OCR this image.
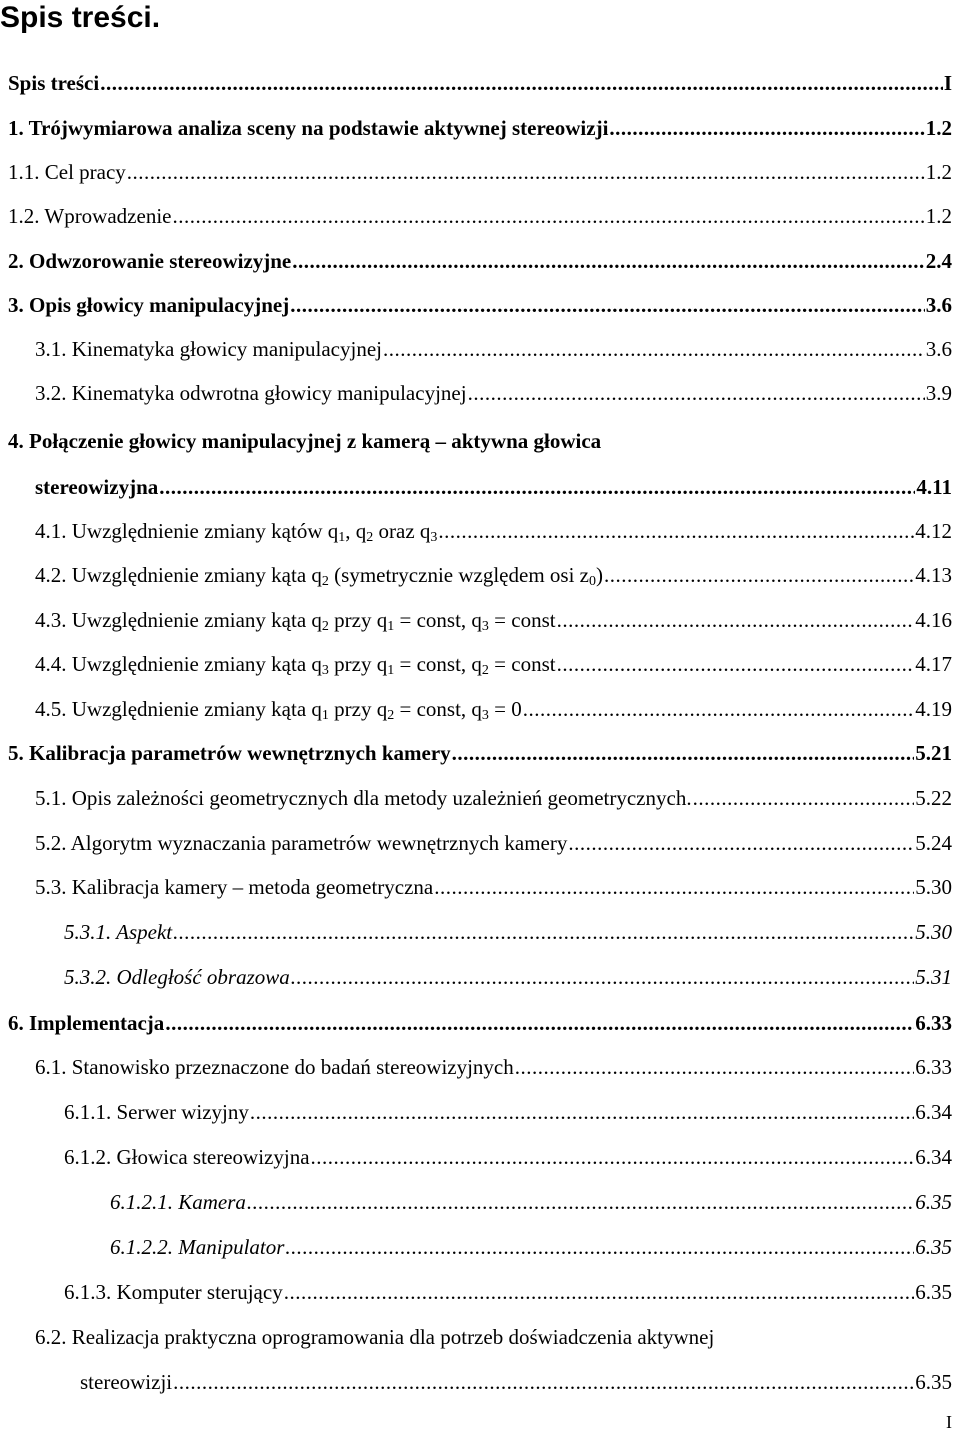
Spis treści.
Spis treści .....	I
1. Trójwymiarowa analiza sceny na podstawie aktywnej stereowizji .....	1.2
1.1. Cel pracy .....	1.2
1.2. Wprowadzenie .....	1.2
2. Odwzorowanie stereowizyjne .....	2.4
3. Opis głowicy manipulacyjnej .....	3.6
3.1. Kinematyka głowicy manipulacyjnej .....	3.6
3.2. Kinematyka odwrotna głowicy manipulacyjnej .....	3.9
4. Połączenie głowicy manipulacyjnej z kamerą – aktywna głowica
stereowizyjna .....	4.11
4.1. Uwzględnienie zmiany kątów $q_1$, $q_2$ oraz $q_3$ .....	4.12
4.2. Uwzględnienie zmiany kąta $q_2$ (symetrycznie względem osi $z_0$) .....	4.13
4.3. Uwzględnienie zmiany kąta $q_2$ przy $q_1$ = const, $q_3$ = const .....	4.16
4.4. Uwzględnienie zmiany kąta $q_3$ przy $q_1$ = const, $q_2$ = const .....	4.17
4.5. Uwzględnienie zmiany kąta $q_1$ przy $q_2$ = const, $q_3 = 0$ .....	4.19
5. Kalibracja parametrów wewnętrznych kamery .....	5.21
5.1. Opis zależności geometrycznych dla metody uzależnień geometrycznych. .....	5.22
5.2. Algorytm wyznaczania parametrów wewnętrznych kamery .....	5.24
5.3. Kalibracja kamery – metoda geometryczna .....	5.30
5.3.1. Aspekt .....	5.30
5.3.2. Odległość obrazowa .....	5.31
6. Implementacja .....	6.33
6.1. Stanowisko przeznaczone do badań stereowizyjnych .....	6.33
6.1.1. Serwer wizyjny .....	6.34
6.1.2. Głowica stereowizyjna .....	6.34
6.1.2.1. Kamera .....	6.35
6.1.2.2. Manipulator .....	6.35
6.1.3. Komputer sterujący .....	6.35
6.2. Realizacja praktyczna oprogramowania dla potrzeb doświadczenia aktywnej
stereowizji .....	6.35
I
